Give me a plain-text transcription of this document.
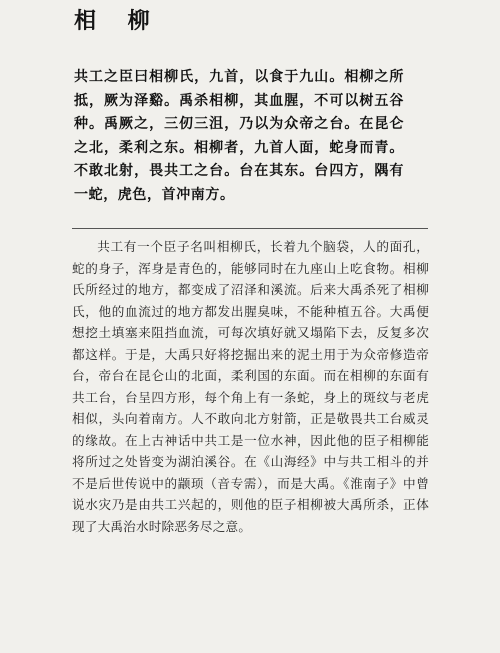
相 柳

共工之臣曰相柳氏，九首，以食于九山。相柳之所抵，厥为泽谿。禹杀相柳，其血腥，不可以树五谷种。禹厥之，三仞三沮，乃以为众帝之台。在昆仑之北，柔利之东。相柳者，九首人面，蛇身而青。不敢北射，畏共工之台。台在其东。台四方，隅有一蛇，虎色，首冲南方。

共工有一个臣子名叫相柳氏，长着九个脑袋，人的面孔，蛇的身子，浑身是青色的，能够同时在九座山上吃食物。相柳氏所经过的地方，都变成了沼泽和溪流。后来大禹杀死了相柳氏，他的血流过的地方都发出腥臭味，不能种植五谷。大禹便想挖土填塞来阻挡血流，可每次填好就又塌陷下去，反复多次都这样。于是，大禹只好将挖掘出来的泥土用于为众帝修造帝台，帝台在昆仑山的北面，柔利国的东面。而在相柳的东面有共工台，台呈四方形，每个角上有一条蛇，身上的斑纹与老虎相似，头向着南方。人不敢向北方射箭，正是敬畏共工台威灵的缘故。在上古神话中共工是一位水神，因此他的臣子相柳能将所过之处皆变为湖泊溪谷。在《山海经》中与共工相斗的并不是后世传说中的颛顼（音专需），而是大禹。《淮南子》中曾说水灾乃是由共工兴起的，则他的臣子相柳被大禹所杀，正体现了大禹治水时除恶务尽之意。
